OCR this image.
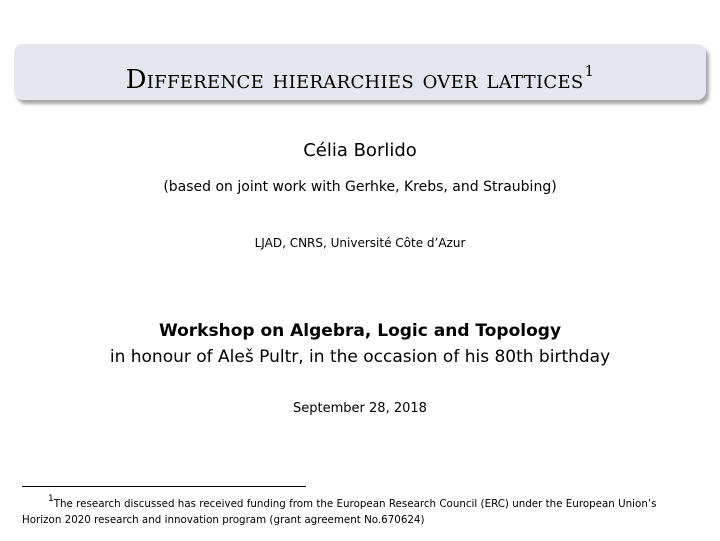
Difference hierarchies over lattices$^1$
Célia Borlido
(based on joint work with Gerhke, Krebs, and Straubing)
LJAD, CNRS, Université Côte d’Azur
Workshop on Algebra, Logic and Topology
in honour of Aleš Pultr, in the occasion of his 80th birthday
September 28, 2018
1The research discussed has received funding from the European Research Council (ERC) under the European Union’s
Horizon 2020 research and innovation program (grant agreement No.670624)
